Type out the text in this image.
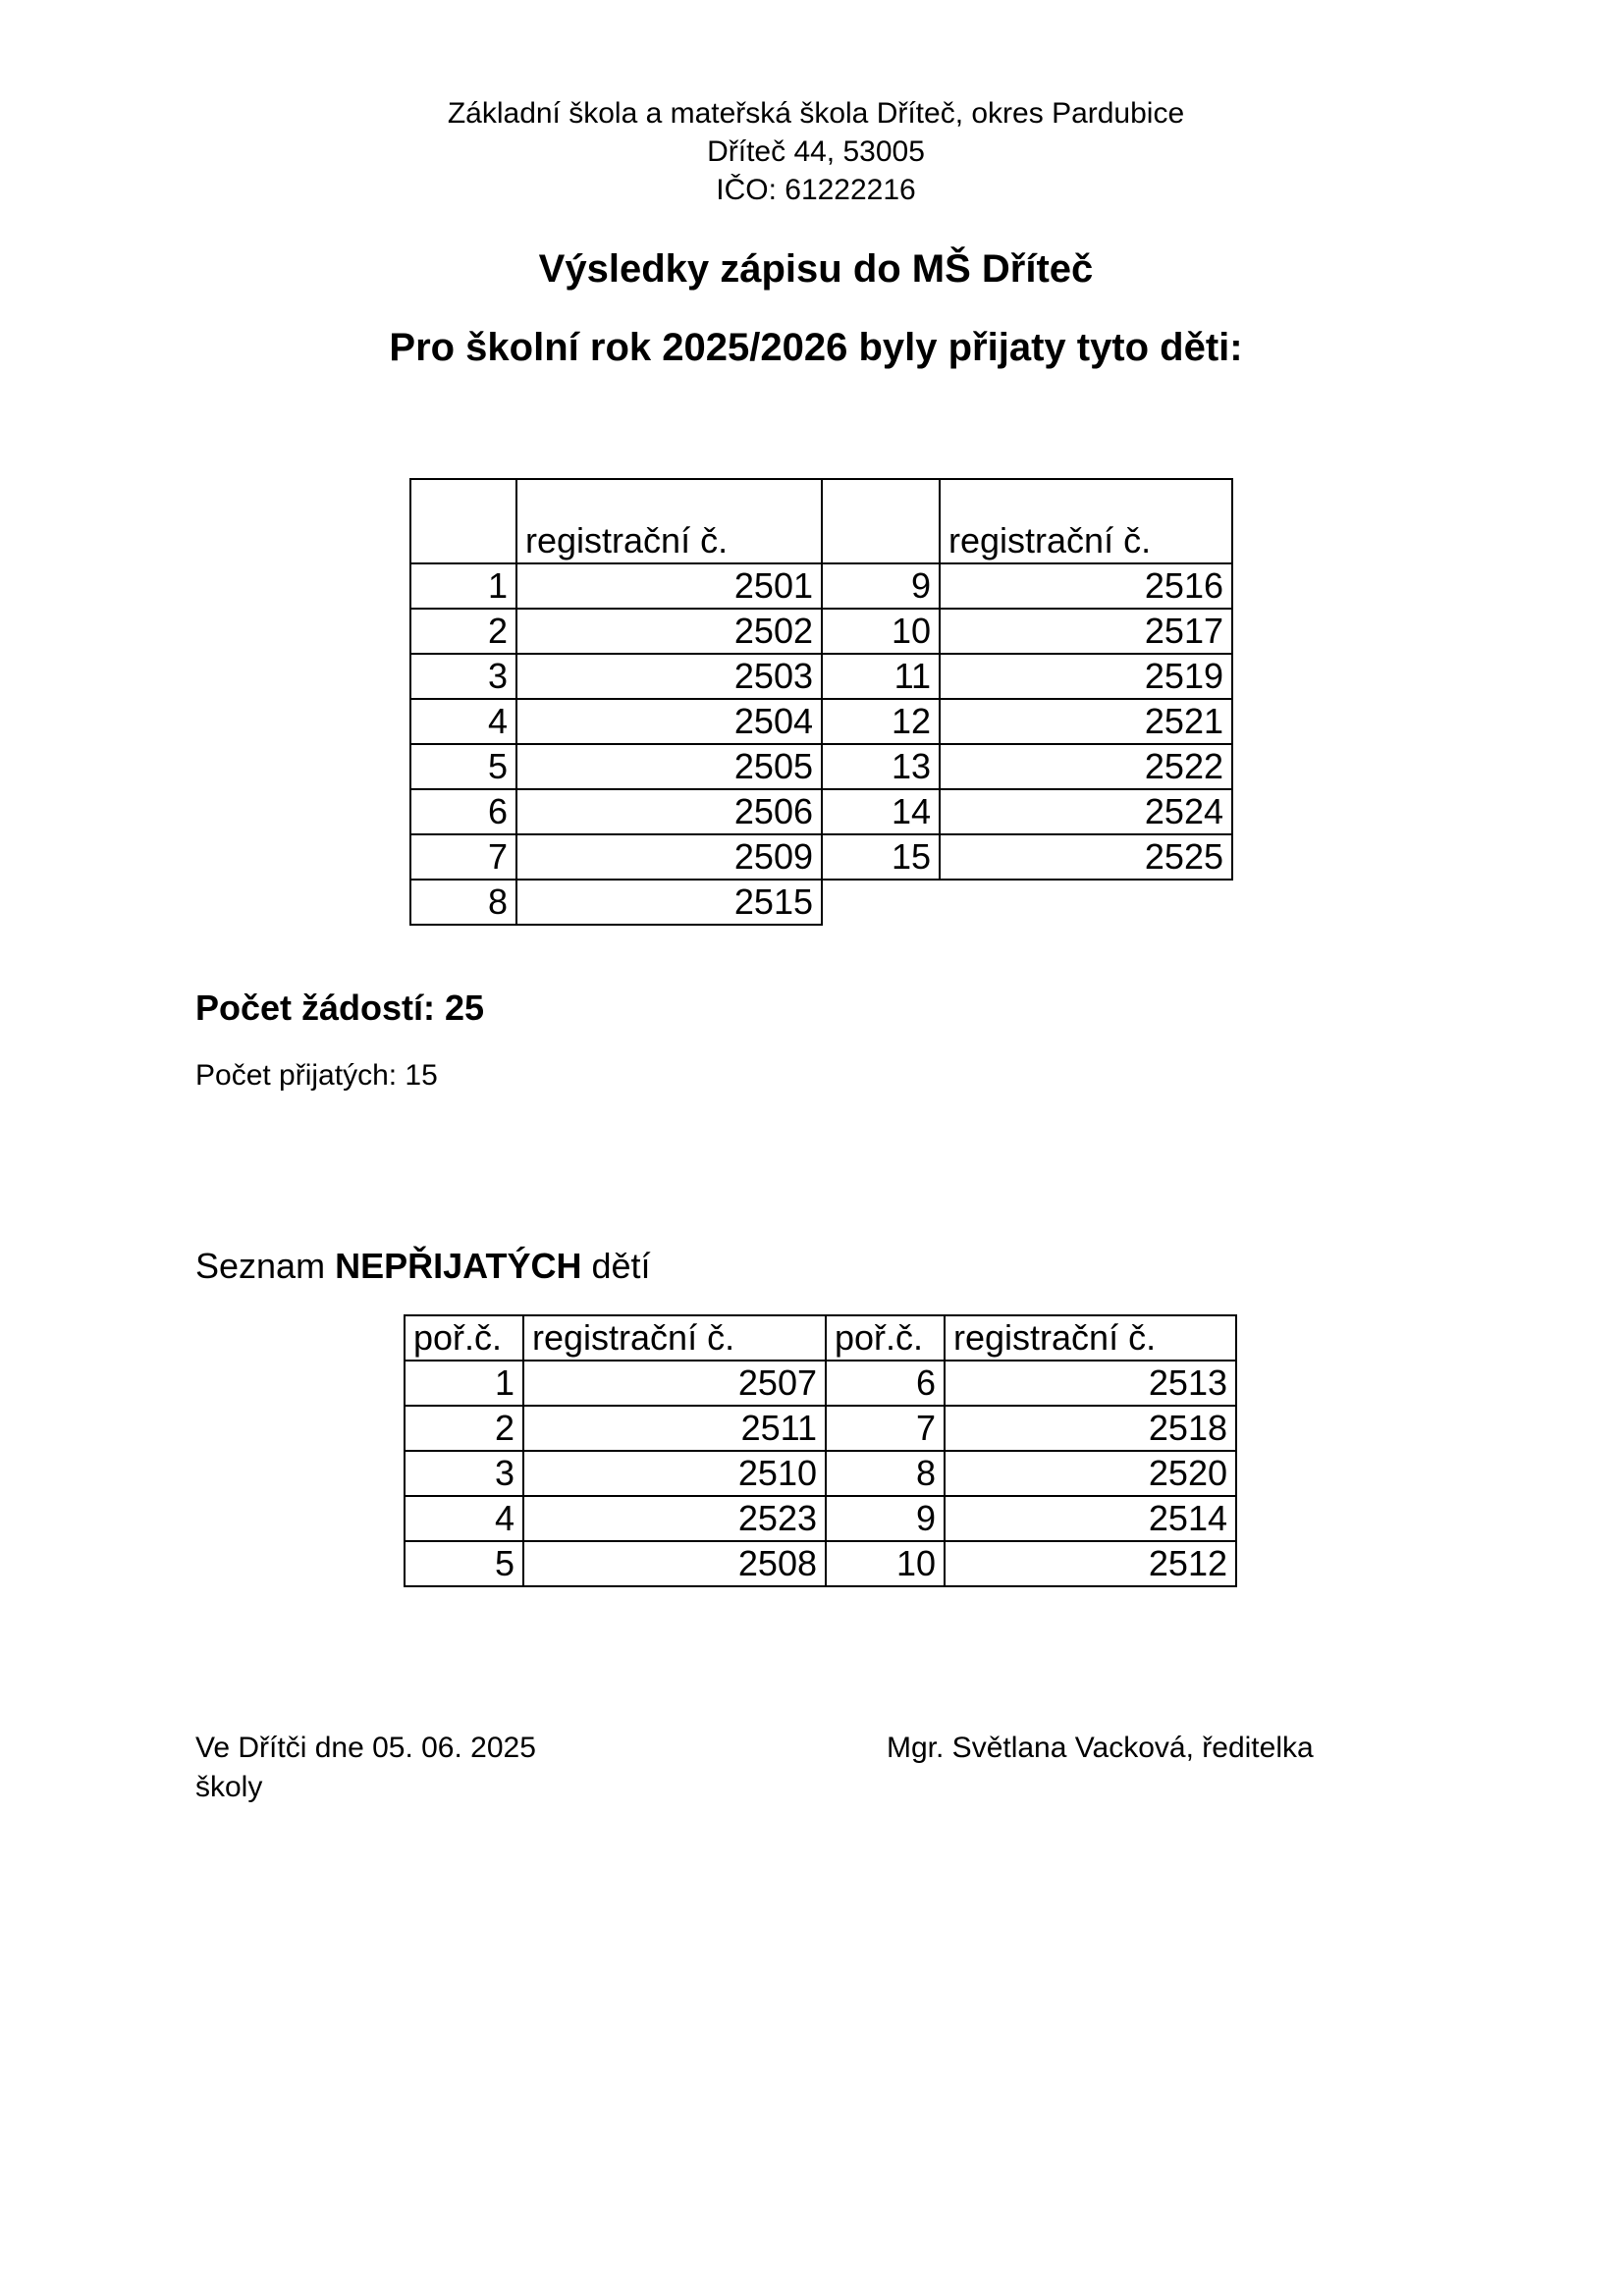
Základní škola a mateřská škola Dříteč, okres Pardubice
Dříteč 44, 53005
IČO: 61222216
Výsledky zápisu do MŠ Dříteč
Pro školní rok 2025/2026 byly přijaty tyto děti:
	registrační č.		registrační č.
1	2501	9	2516
2	2502	10	2517
3	2503	11	2519
4	2504	12	2521
5	2505	13	2522
6	2506	14	2524
7	2509	15	2525
8	2515		
Počet žádostí: 25
Počet přijatých: 15
Seznam NEPŘIJATÝCH dětí
poř.č.	registrační č.	poř.č.	registrační č.
1	2507	6	2513
2	2511	7	2518
3	2510	8	2520
4	2523	9	2514
5	2508	10	2512
Ve Dřítči dne 05. 06. 2025 školy
Mgr. Světlana Vacková, ředitelka
